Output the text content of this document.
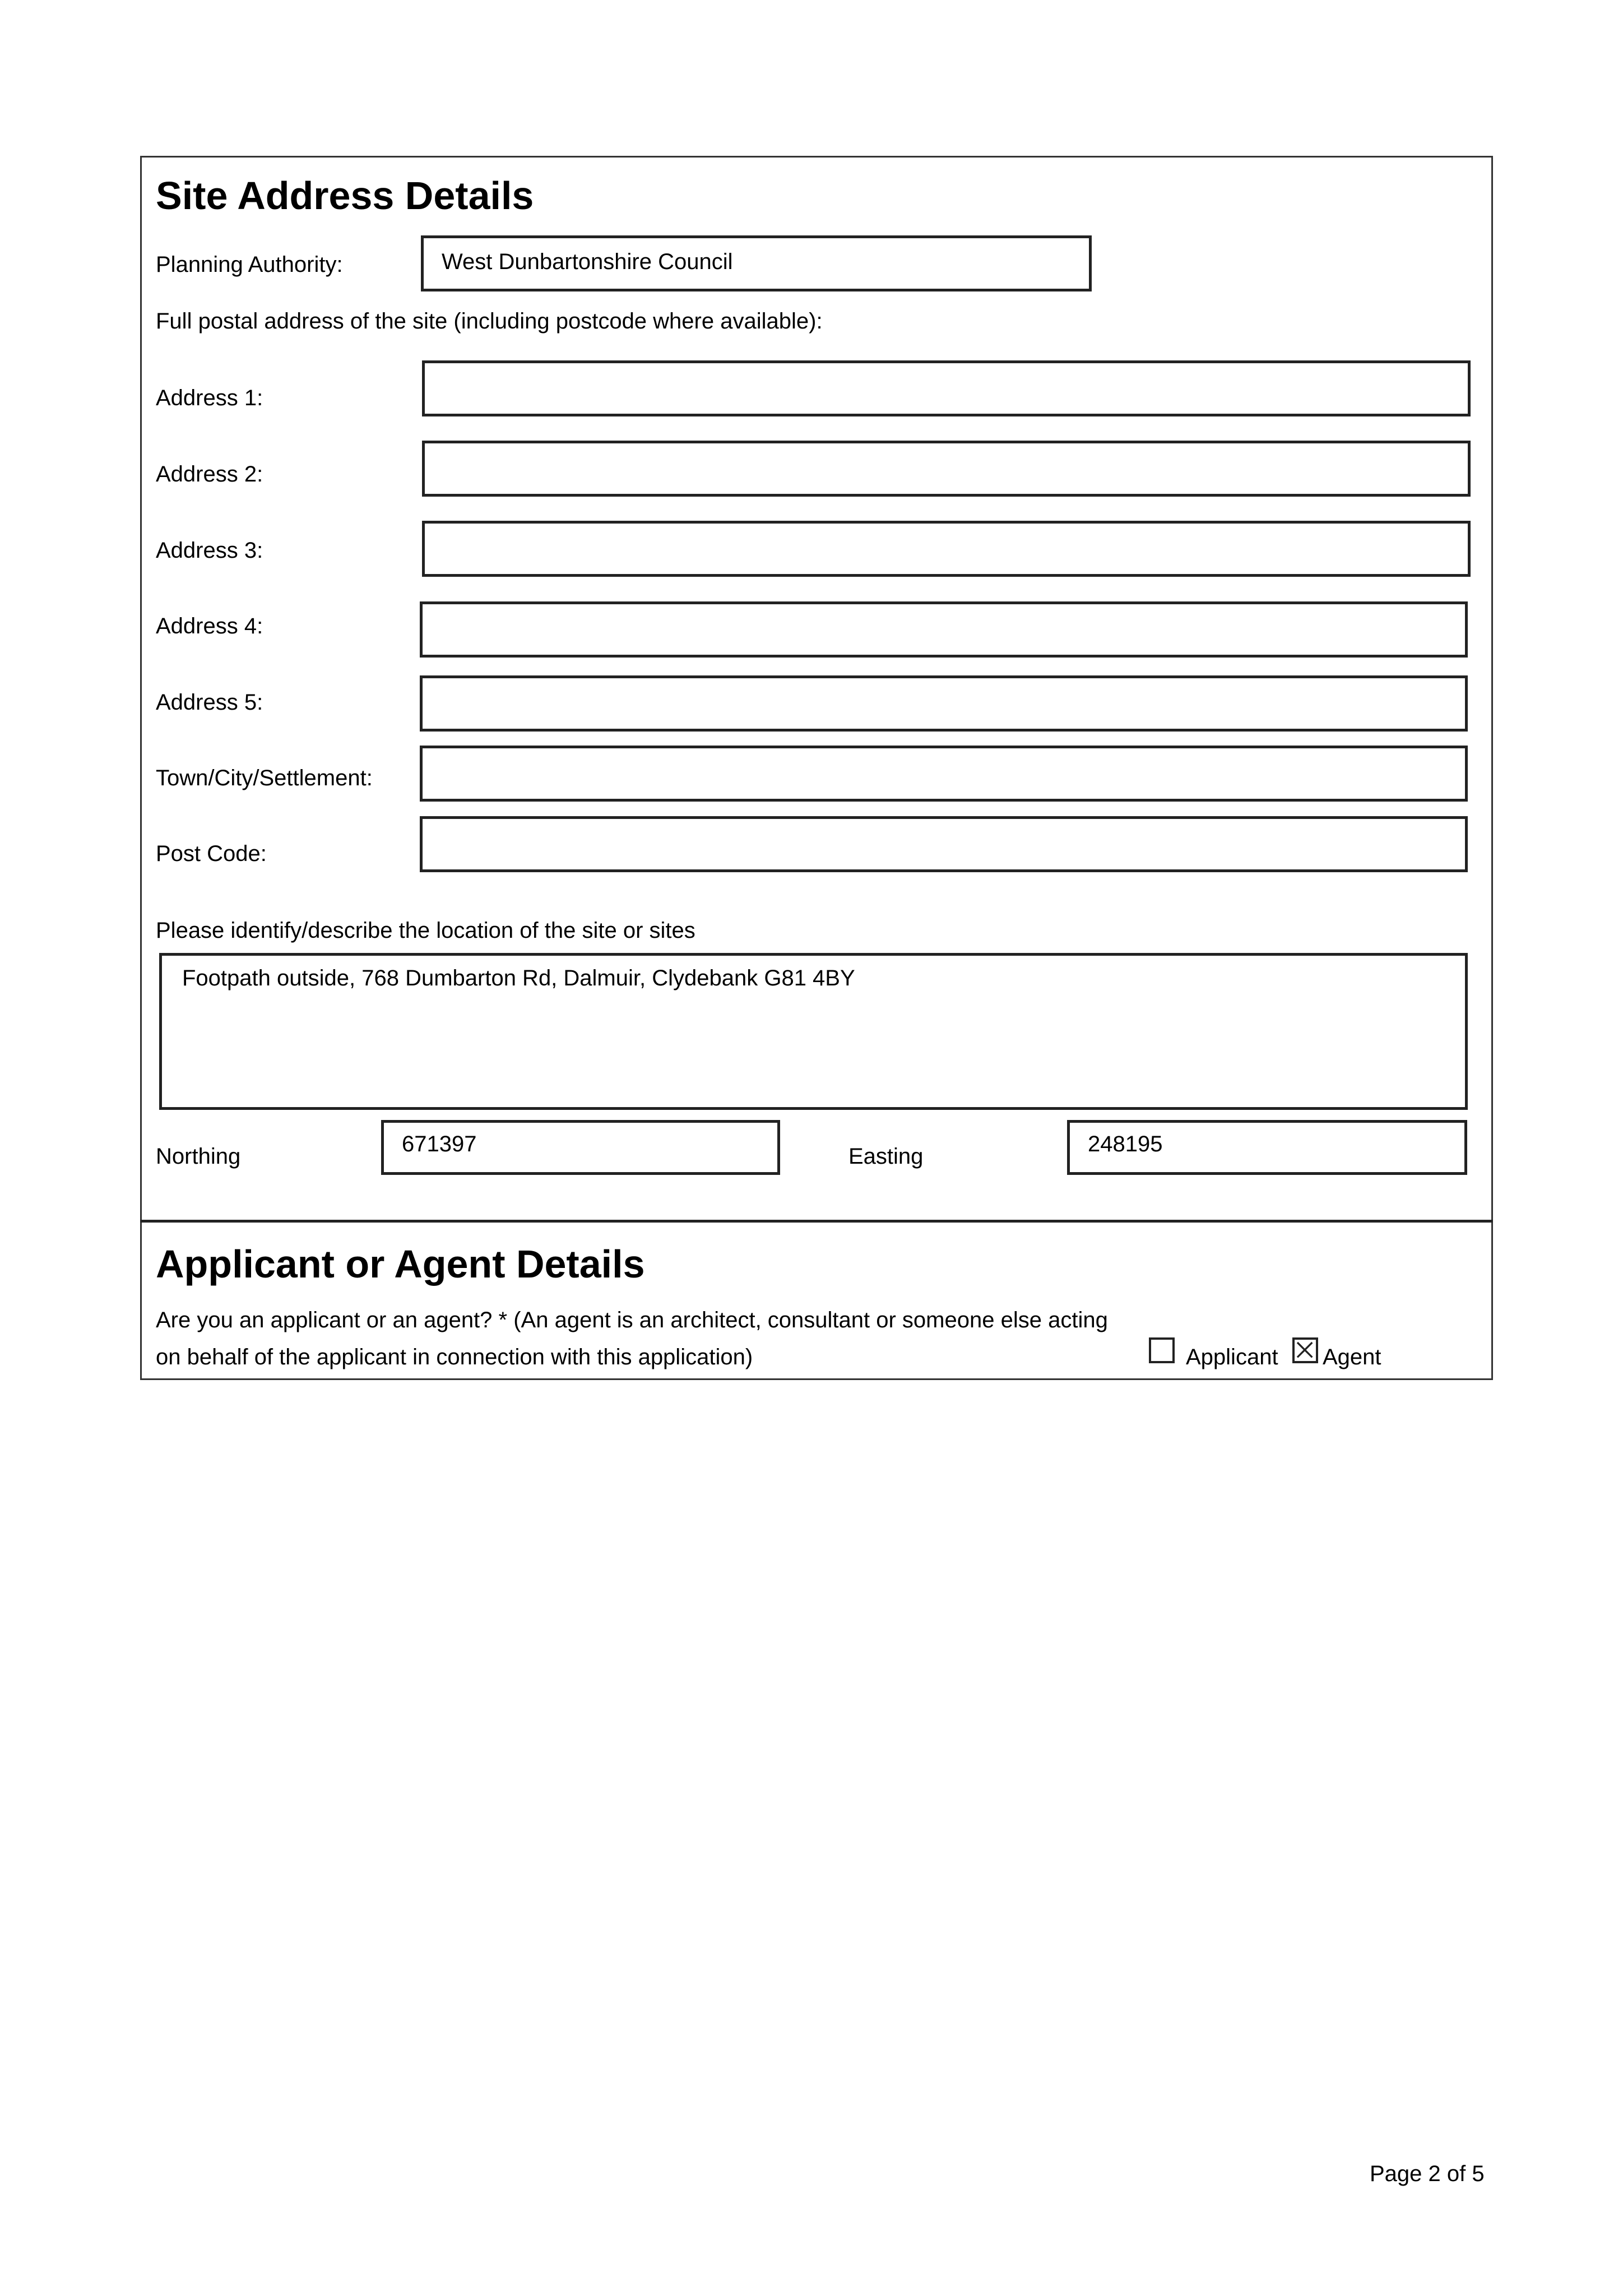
Site Address Details
Planning Authority:	West Dunbartonshire Council
Full postal address of the site (including postcode where available):
Address 1:
Address 2:
Address 3:
Address 4:
Address 5:
Town/City/Settlement:
Post Code:
Please identify/describe the location of the site or sites
Footpath outside, 768 Dumbarton Rd, Dalmuir, Clydebank G81 4BY
Northing	671397	Easting	248195
Applicant or Agent Details
Are you an applicant or an agent? * (An agent is an architect, consultant or someone else acting
on behalf of the applicant in connection with this application)	Applicant Agent
Page 2 of 5
